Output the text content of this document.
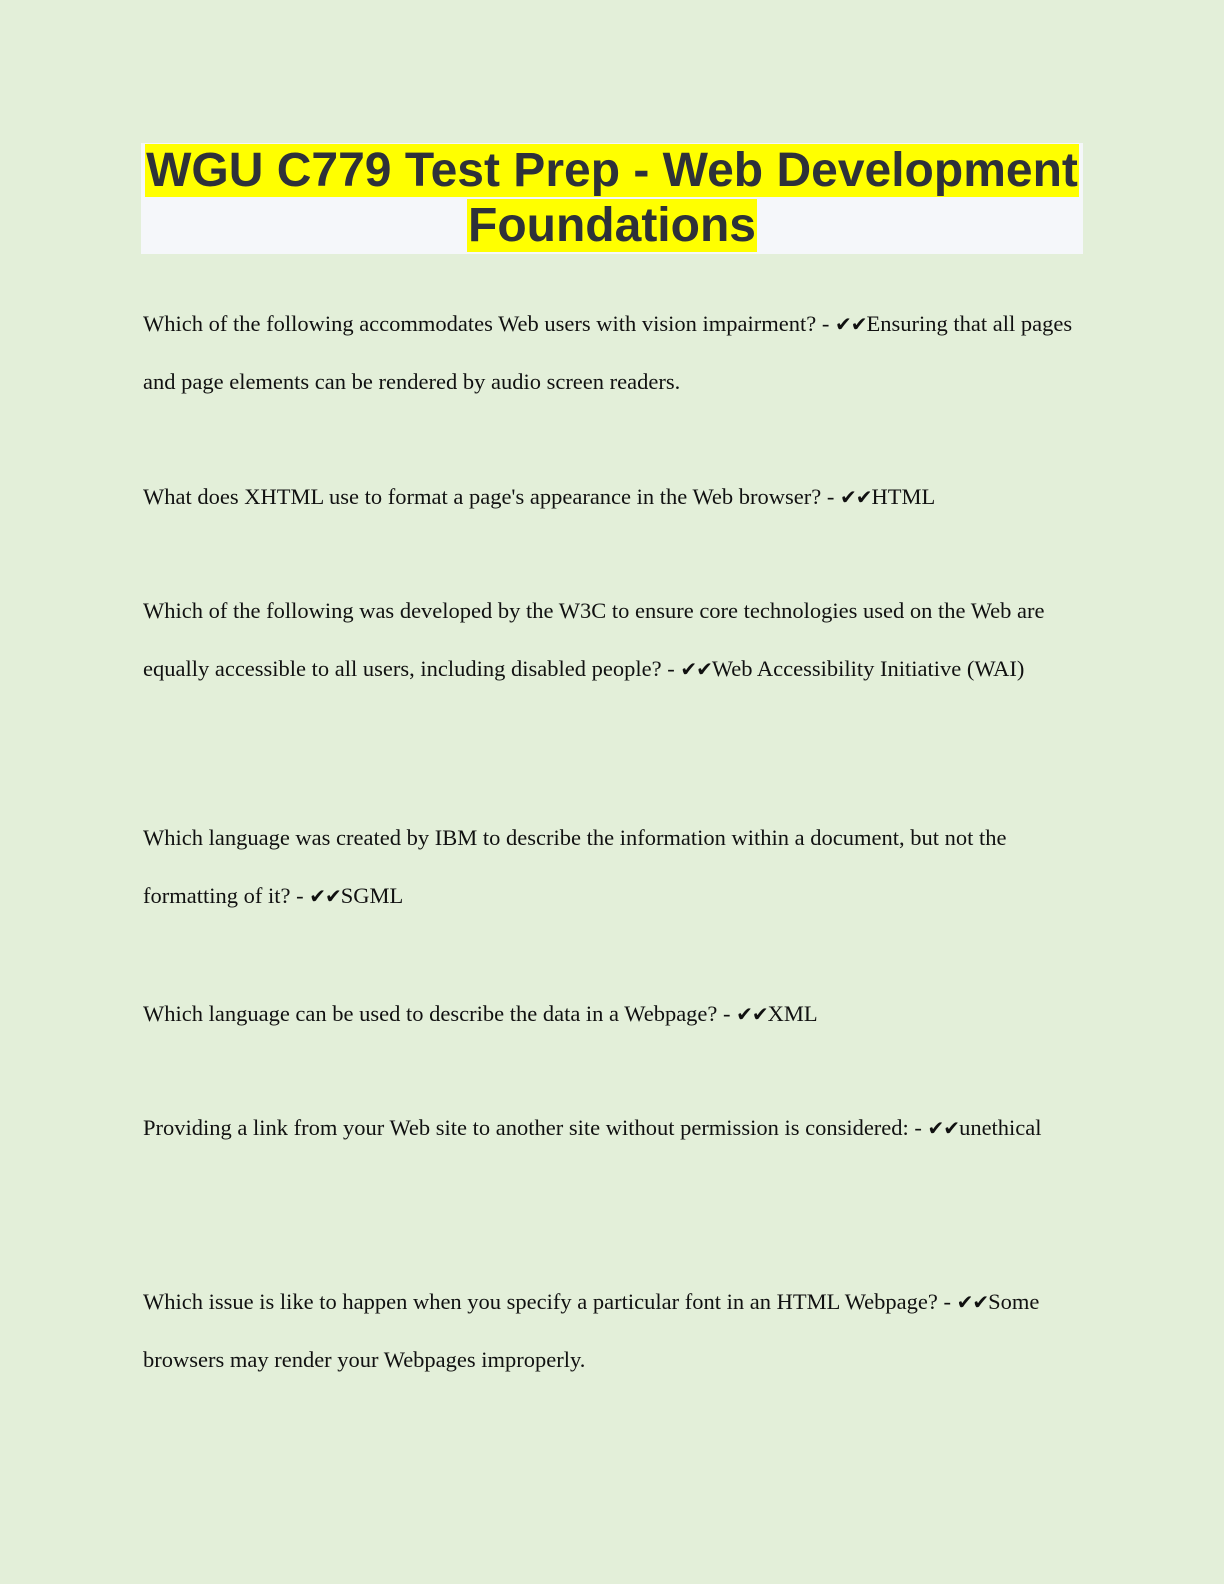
WGU C779 Test Prep - Web Development
Foundations

Which of the following accommodates Web users with vision impairment? - ✔✔Ensuring that all pages and page elements can be rendered by audio screen readers.

What does XHTML use to format a page's appearance in the Web browser? - ✔✔HTML

Which of the following was developed by the W3C to ensure core technologies used on the Web are equally accessible to all users, including disabled people? - ✔✔Web Accessibility Initiative (WAI)

Which language was created by IBM to describe the information within a document, but not the formatting of it? - ✔✔SGML

Which language can be used to describe the data in a Webpage? - ✔✔XML

Providing a link from your Web site to another site without permission is considered: - ✔✔unethical

Which issue is like to happen when you specify a particular font in an HTML Webpage? - ✔✔Some browsers may render your Webpages improperly.
